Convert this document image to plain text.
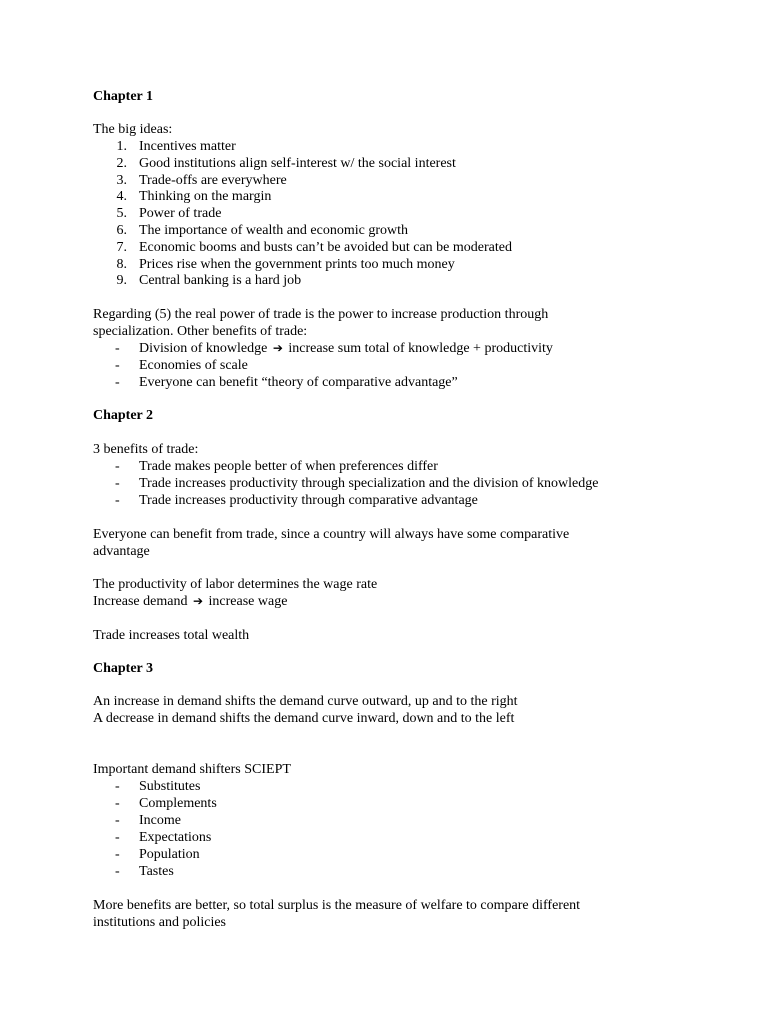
Chapter 1
The big ideas:
1. Incentives matter
2. Good institutions align self-interest w/ the social interest
3. Trade-offs are everywhere
4. Thinking on the margin
5. Power of trade
6. The importance of wealth and economic growth
7. Economic booms and busts can’t be avoided but can be moderated
8. Prices rise when the government prints too much money
9. Central banking is a hard job
Regarding (5) the real power of trade is the power to increase production through
specialization. Other benefits of trade:
-	Division of knowledge ➔ increase sum total of knowledge + productivity
-	Economies of scale
-	Everyone can benefit “theory of comparative advantage”
Chapter 2
3 benefits of trade:
-	Trade makes people better of when preferences differ
-	Trade increases productivity through specialization and the division of knowledge
-	Trade increases productivity through comparative advantage
Everyone can benefit from trade, since a country will always have some comparative
advantage
The productivity of labor determines the wage rate
Increase demand ➔ increase wage
Trade increases total wealth
Chapter 3
An increase in demand shifts the demand curve outward, up and to the right
A decrease in demand shifts the demand curve inward, down and to the left
Important demand shifters SCIEPT
-	Substitutes
-	Complements
-	Income
-	Expectations
-	Population
-	Tastes
More benefits are better, so total surplus is the measure of welfare to compare different
institutions and policies
